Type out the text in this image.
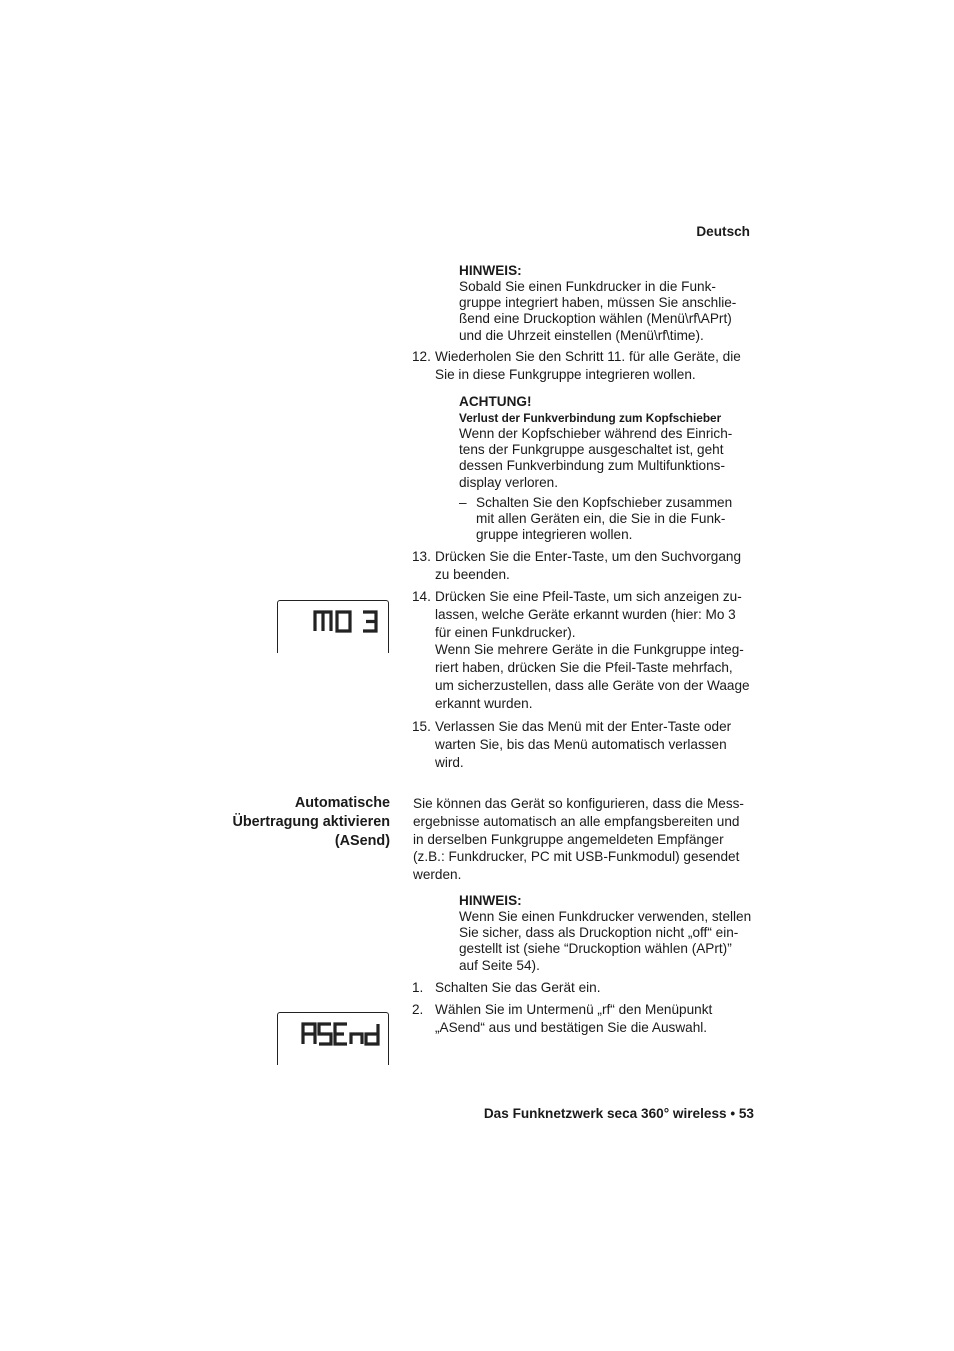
Deutsch
HINWEIS:
Sobald Sie einen Funkdrucker in die Funk-
gruppe integriert haben, müssen Sie anschlie-
ßend eine Druckoption wählen (Menü\rf\APrt)
und die Uhrzeit einstellen (Menü\rf\time).
12. Wiederholen Sie den Schritt 11. für alle Geräte, die
Sie in diese Funkgruppe integrieren wollen.
ACHTUNG!
Verlust der Funkverbindung zum Kopfschieber
Wenn der Kopfschieber während des Einrich-
tens der Funkgruppe ausgeschaltet ist, geht
dessen Funkverbindung zum Multifunktions-
display verloren.
– Schalten Sie den Kopfschieber zusammen
mit allen Geräten ein, die Sie in die Funk-
gruppe integrieren wollen.
13. Drücken Sie die Enter-Taste, um den Suchvorgang
zu beenden.
14. Drücken Sie eine Pfeil-Taste, um sich anzeigen zu-
lassen, welche Geräte erkannt wurden (hier: Mo 3
für einen Funkdrucker).
Wenn Sie mehrere Geräte in die Funkgruppe integ-
riert haben, drücken Sie die Pfeil-Taste mehrfach,
um sicherzustellen, dass alle Geräte von der Waage
erkannt wurden.
15. Verlassen Sie das Menü mit der Enter-Taste oder
warten Sie, bis das Menü automatisch verlassen
wird.
Automatische
Übertragung aktivieren
(ASend)
Sie können das Gerät so konfigurieren, dass die Mess-
ergebnisse automatisch an alle empfangsbereiten und
in derselben Funkgruppe angemeldeten Empfänger
(z.B.: Funkdrucker, PC mit USB-Funkmodul) gesendet
werden.
HINWEIS:
Wenn Sie einen Funkdrucker verwenden, stellen
Sie sicher, dass als Druckoption nicht „off“ ein-
gestellt ist (siehe “Druckoption wählen (APrt)”
auf Seite 54).
1. Schalten Sie das Gerät ein.
2. Wählen Sie im Untermenü „rf“ den Menüpunkt
„ASend“ aus und bestätigen Sie die Auswahl.
Das Funknetzwerk seca 360° wireless • 53
